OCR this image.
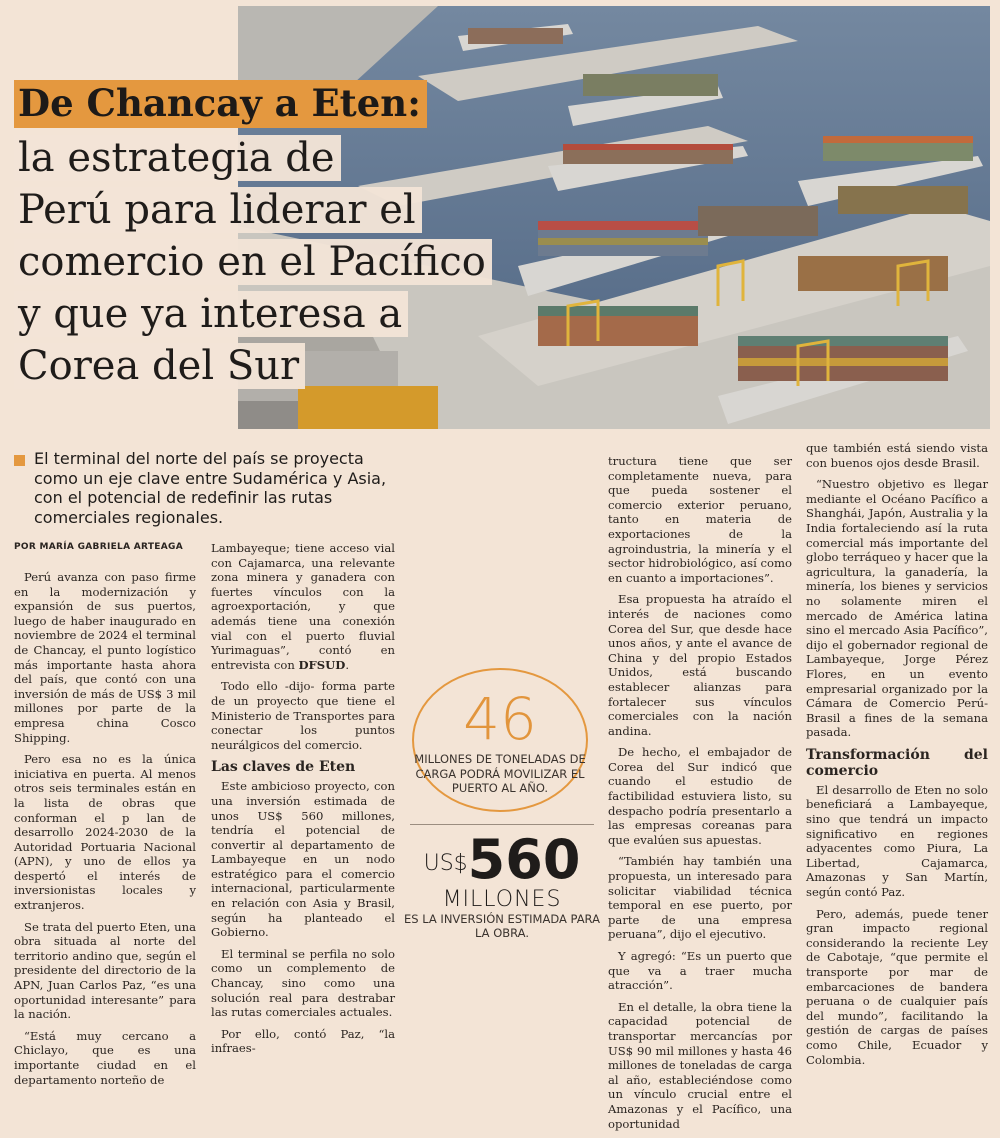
De Chancay a Eten:
la estrategia de
Perú para liderar el
comercio en el Pacífico
y que ya interesa a
Corea del Sur

El terminal del norte del país se proyecta como un eje clave entre Sudamérica y Asia, con el potencial de redefinir las rutas comerciales regionales.

POR MARÍA GABRIELA ARTEAGA

Perú avanza con paso firme en la modernización y expansión de sus puertos, luego de haber inaugurado en noviembre de 2024 el terminal de Chancay, el punto logístico más importante hasta ahora del país, que contó con una inversión de más de US$ 3 mil millones por parte de la empresa china Cosco Shipping.

Pero esa no es la única iniciativa en puerta. Al menos otros seis terminales están en la lista de obras que conforman el p lan de desarrollo 2024-2030 de la Autoridad Portuaria Nacional (APN), y uno de ellos ya despertó el interés de inversionistas locales y extranjeros.

Se trata del puerto Eten, una obra situada al norte del territorio andino que, según el presidente del directorio de la APN, Juan Carlos Paz, “es una oportunidad interesante” para la nación.

“Está muy cercano a Chiclayo, que es una importante ciudad en el departamento norteño de

Lambayeque; tiene acceso vial con Cajamarca, una relevante zona minera y ganadera con fuertes vínculos con la agroexportación, y que además tiene una conexión vial con el puerto fluvial Yurimaguas”, contó en entrevista con DFSUD.

Todo ello -dijo- forma parte de un proyecto que tiene el Ministerio de Transportes para conectar los puntos neurálgicos del comercio.

Las claves de Eten

Este ambicioso proyecto, con una inversión estimada de unos US$ 560 millones, tendría el potencial de convertir al departamento de Lambayeque en un nodo estratégico para el comercio internacional, particularmente en relación con Asia y Brasil, según ha planteado el Gobierno.

El terminal se perfila no solo como un complemento de Chancay, sino como una solución real para destrabar las rutas comerciales actuales.

Por ello, contó Paz, “la infraes-

46
MILLONES DE TONELADAS DE CARGA PODRÁ MOVILIZAR EL PUERTO AL AÑO.
US$560
MILLONES
ES LA INVERSIÓN ESTIMADA PARA LA OBRA.

tructura tiene que ser completamente nueva, para que pueda sostener el comercio exterior peruano, tanto en materia de exportaciones de la agroindustria, la minería y el sector hidrobiológico, así como en cuanto a importaciones”.

Esa propuesta ha atraído el interés de naciones como Corea del Sur, que desde hace unos años, y ante el avance de China y del propio Estados Unidos, está buscando establecer alianzas para fortalecer sus vínculos comerciales con la nación andina.

De hecho, el embajador de Corea del Sur indicó que cuando el estudio de factibilidad estuviera listo, su despacho podría presentarlo a las empresas coreanas para que evalúen sus apuestas.

“También hay también una propuesta, un interesado para solicitar viabilidad técnica temporal en ese puerto, por parte de una empresa peruana”, dijo el ejecutivo.

Y agregó: “Es un puerto que que va a traer mucha atracción”.

En el detalle, la obra tiene la capacidad potencial de transportar mercancías por US$ 90 mil millones y hasta 46 millones de toneladas de carga al año, estableciéndose como un vínculo crucial entre el Amazonas y el Pacífico, una oportunidad

que también está siendo vista con buenos ojos desde Brasil.

“Nuestro objetivo es llegar mediante el Océano Pacífico a Shanghái, Japón, Australia y la India fortaleciendo así la ruta comercial más importante del globo terráqueo y hacer que la agricultura, la ganadería, la minería, los bienes y servicios no solamente miren el mercado de América latina sino el mercado Asia Pacífico”, dijo el gobernador regional de Lambayeque, Jorge Pérez Flores, en un evento empresarial organizado por la Cámara de Comercio Perú-Brasil a fines de la semana pasada.

Transformación del comercio

El desarrollo de Eten no solo beneficiará a Lambayeque, sino que tendrá un impacto significativo en regiones adyacentes como Piura, La Libertad, Cajamarca, Amazonas y San Martín, según contó Paz.

Pero, además, puede tener gran impacto regional considerando la reciente Ley de Cabotaje, “que permite el transporte por mar de embarcaciones de bandera peruana o de cualquier país del mundo”, facilitando la gestión de cargas de países como Chile, Ecuador y Colombia.
